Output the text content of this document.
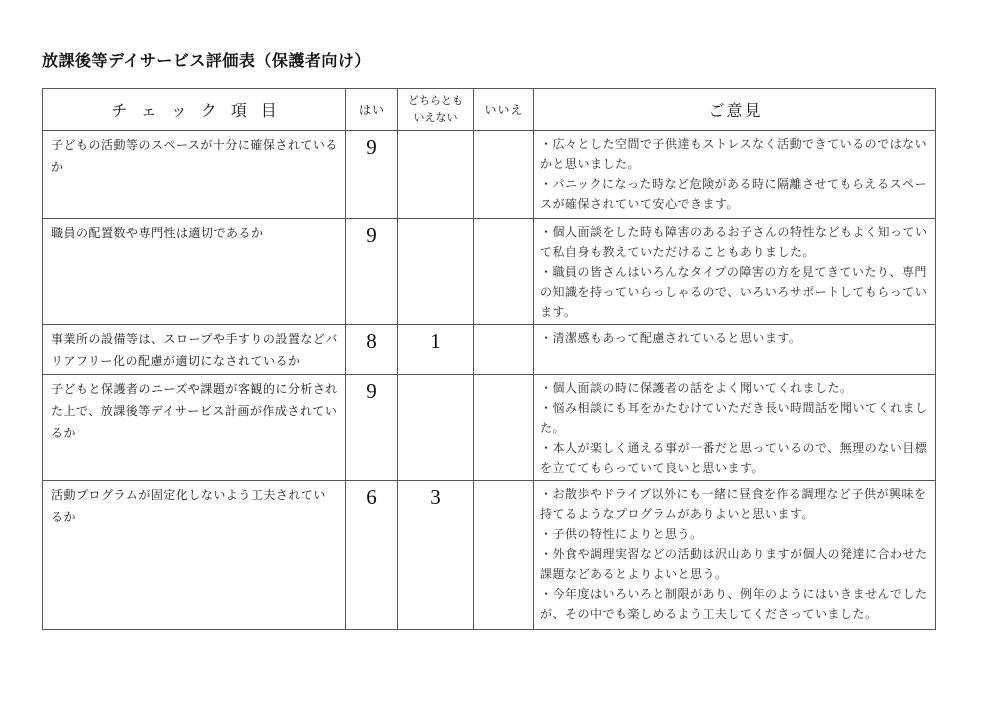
放課後等デイサービス評価表（保護者向け）
チェック項目	はい	どちらともいえない	いいえ	ご意見
子どもの活動等のスペースが十分に確保されているか	9			・広々とした空間で子供達もストレスなく活動できているのではないかと思いました。

・パニックになった時など危険がある時に隔離させてもらえるスペースが確保されていて安心できます。

職員の配置数や専門性は適切であるか	9			・個人面談をした時も障害のあるお子さんの特性などもよく知っていて私自身も教えていただけることもありました。

・職員の皆さんはいろんなタイプの障害の方を見てきていたり、専門の知識を持っていらっしゃるので、いろいろサポートしてもらっています。

事業所の設備等は、スロープや手すりの設置などバリアフリー化の配慮が適切になされているか	8	1		・清潔感もあって配慮されていると思います。

子どもと保護者のニーズや課題が客観的に分析された上で、放課後等デイサービス計画が作成されているか	9			・個人面談の時に保護者の話をよく聞いてくれました。

・悩み相談にも耳をかたむけていただき長い時間話を聞いてくれました。

・本人が楽しく通える事が一番だと思っているので、無理のない目標を立ててもらっていて良いと思います。

活動プログラムが固定化しないよう工夫されているか	6	3		・お散歩やドライブ以外にも一緒に昼食を作る調理など子供が興味を持てるようなプログラムがありよいと思います。

・子供の特性によりと思う。

・外食や調理実習などの活動は沢山ありますが個人の発達に合わせた課題などあるとよりよいと思う。

・今年度はいろいろと制限があり、例年のようにはいきませんでしたが、その中でも楽しめるよう工夫してくださっていました。
